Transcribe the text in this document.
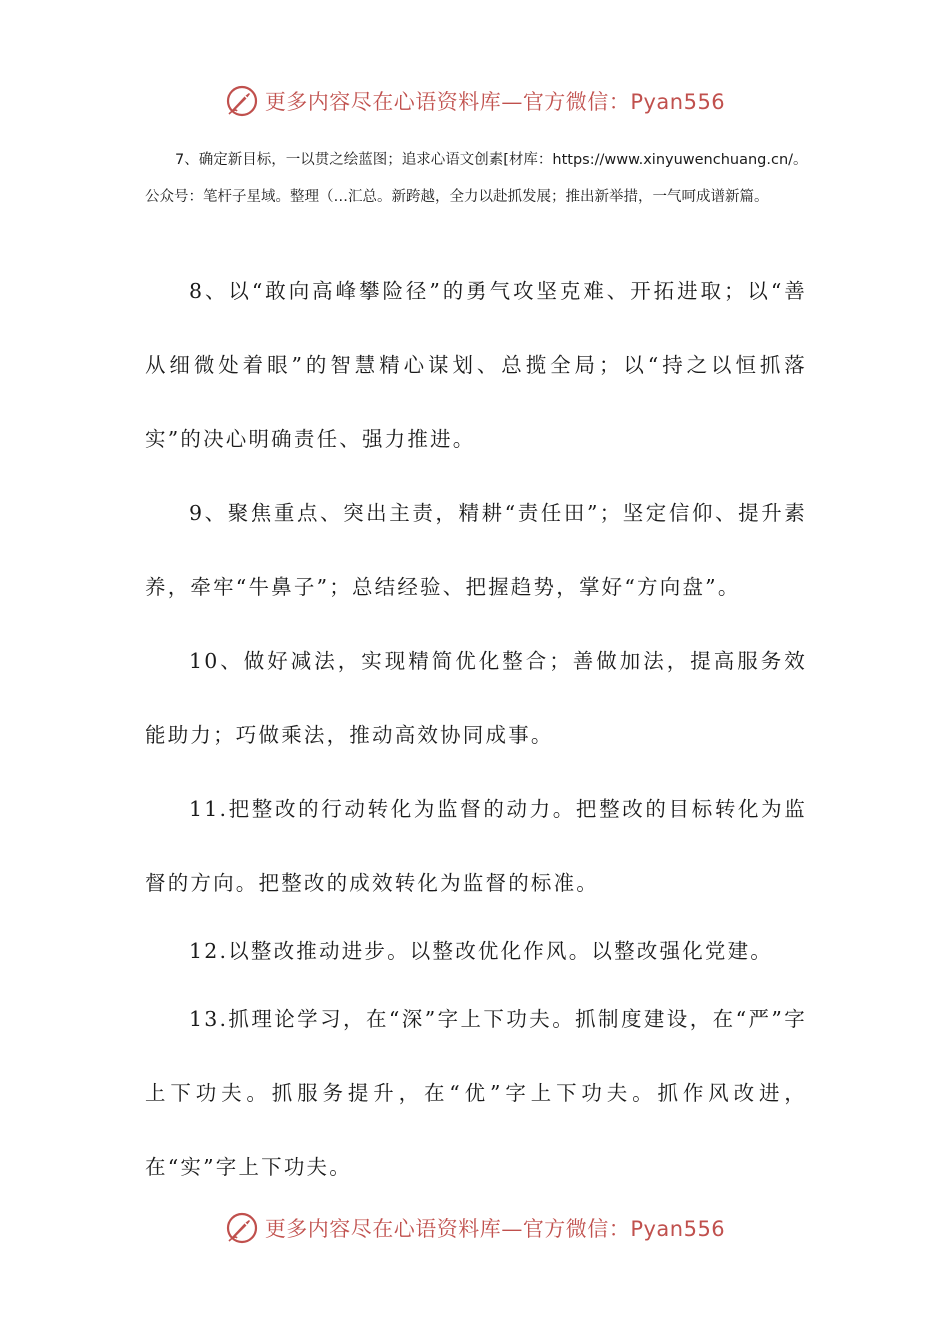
更多内容尽在心语资料库—官方微信：Pyan556
7、确定新目标，一以贯之绘蓝图；追求心语文创素[材库：https://www.xinyuwenchuang.cn/。公众号：笔杆子星域。整理（…汇总。新跨越，全力以赴抓发展；推出新举措，一气呵成谱新篇。

8、以“敢向高峰攀险径”的勇气攻坚克难、开拓进取；以“善从细微处着眼”的智慧精心谋划、总揽全局；以“持之以恒抓落实”的决心明确责任、强力推进。

9、聚焦重点、突出主责，精耕“责任田”；坚定信仰、提升素养，牵牢“牛鼻子”；总结经验、把握趋势，掌好“方向盘”。

10、做好减法，实现精简优化整合；善做加法，提高服务效能助力；巧做乘法，推动高效协同成事。

11.把整改的行动转化为监督的动力。把整改的目标转化为监督的方向。把整改的成效转化为监督的标准。

12.以整改推动进步。以整改优化作风。以整改强化党建。

13.抓理论学习，在“深”字上下功夫。抓制度建设，在“严”字上下功夫。抓服务提升，在“优”字上下功夫。抓作风改进，在“实”字上下功夫。

更多内容尽在心语资料库—官方微信：Pyan556
